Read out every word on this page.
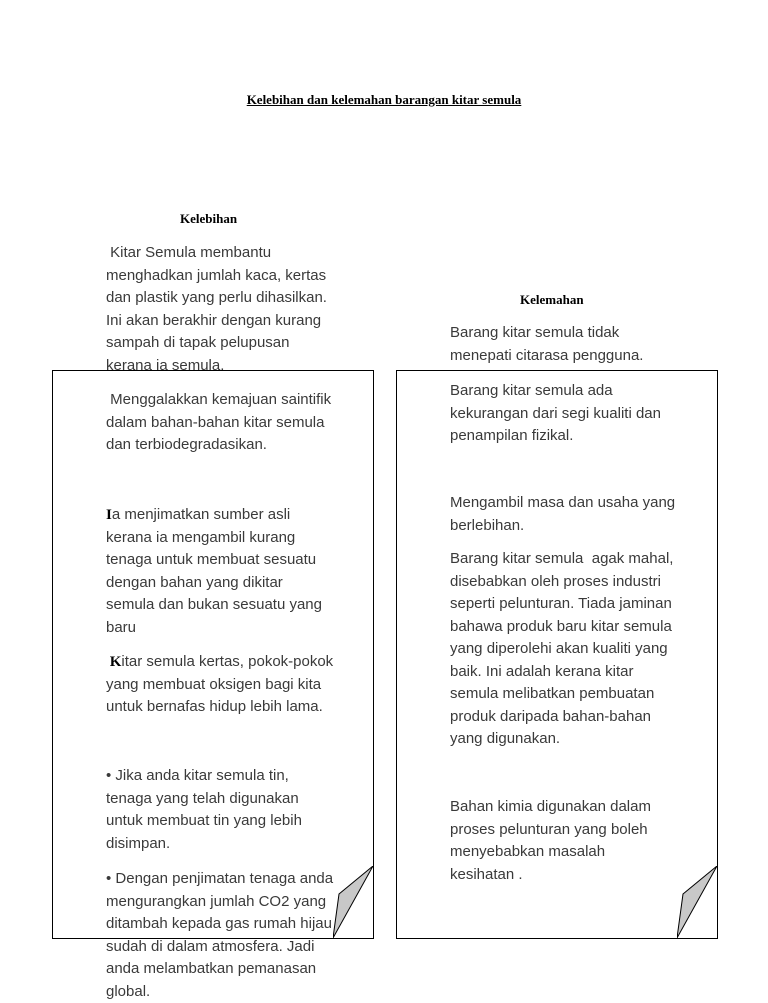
Kelebihan dan kelemahan barangan kitar semula
Kelebihan

Kitar Semula membantu
menghadkan jumlah kaca, kertas
dan plastik yang perlu dihasilkan.
Ini akan berakhir dengan kurang
sampah di tapak pelupusan
kerana ia semula.

Menggalakkan kemajuan saintifik
dalam bahan-bahan kitar semula
dan terbiodegradasikan.

Ia menjimatkan sumber asli
kerana ia mengambil kurang
tenaga untuk membuat sesuatu
dengan bahan yang dikitar
semula dan bukan sesuatu yang
baru

Kitar semula kertas, pokok-pokok
yang membuat oksigen bagi kita
untuk bernafas hidup lebih lama.

• Jika anda kitar semula tin,
tenaga yang telah digunakan
untuk membuat tin yang lebih
disimpan.

• Dengan penjimatan tenaga anda
mengurangkan jumlah CO2 yang
ditambah kepada gas rumah hijau
sudah di dalam atmosfera. Jadi
anda melambatkan pemanasan
global.

Kelemahan

Barang kitar semula tidak
menepati citarasa pengguna.

Barang kitar semula ada
kekurangan dari segi kualiti dan
penampilan fizikal.

Mengambil masa dan usaha yang
berlebihan.

Barang kitar semula  agak mahal,
disebabkan oleh proses industri
seperti pelunturan. Tiada jaminan
bahawa produk baru kitar semula
yang diperolehi akan kualiti yang
baik. Ini adalah kerana kitar
semula melibatkan pembuatan
produk daripada bahan-bahan
yang digunakan.

Bahan kimia digunakan dalam
proses pelunturan yang boleh
menyebabkan masalah
kesihatan .
